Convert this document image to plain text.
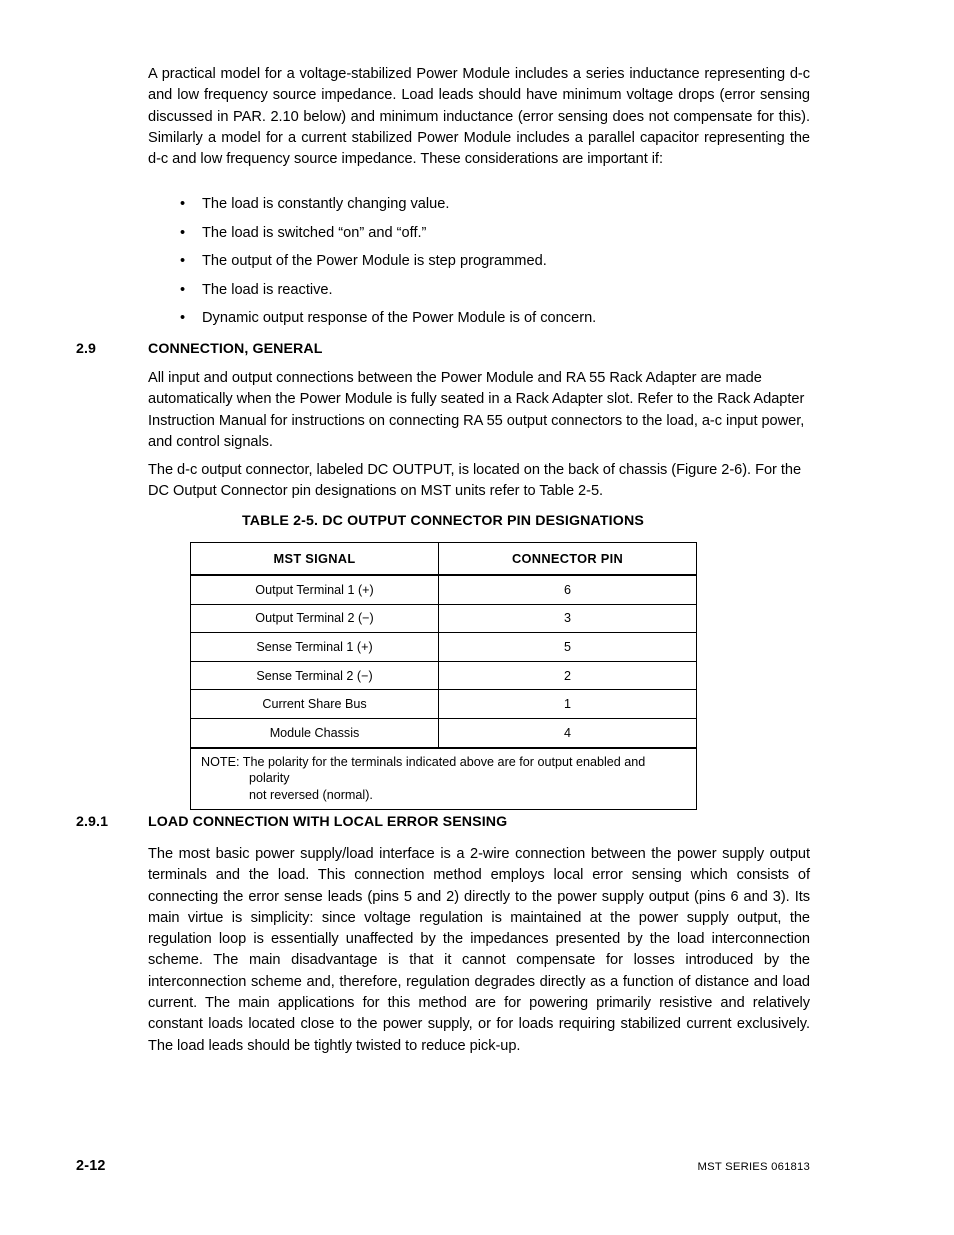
A practical model for a voltage-stabilized Power Module includes a series inductance representing d-c and low frequency source impedance. Load leads should have minimum voltage drops (error sensing discussed in PAR. 2.10 below) and minimum inductance (error sensing does not compensate for this). Similarly a model for a current stabilized Power Module includes a parallel capacitor representing the d-c and low frequency source impedance. These considerations are important if:

• The load is constantly changing value.
• The load is switched “on” and “off.”
• The output of the Power Module is step programmed.
• The load is reactive.
• Dynamic output response of the Power Module is of concern.
2.9	CONNECTION, GENERAL

All input and output connections between the Power Module and RA 55 Rack Adapter are made automatically when the Power Module is fully seated in a Rack Adapter slot. Refer to the Rack Adapter Instruction Manual for instructions on connecting RA 55 output connectors to the load, a-c input power, and control signals.

The d-c output connector, labeled DC OUTPUT, is located on the back of chassis (Figure 2-6). For the DC Output Connector pin designations on MST units refer to Table 2-5.

TABLE 2-5. DC OUTPUT CONNECTOR PIN DESIGNATIONS
MST SIGNAL	CONNECTOR PIN
Output Terminal 1 (+)	6
Output Terminal 2 (−)	3
Sense Terminal 1 (+)	5
Sense Terminal 2 (−)	2
Current Share Bus	1
Module Chassis	4

NOTE: The polarity for the terminals indicated above are for output enabled and polarity
not reversed (normal).	
2.9.1	LOAD CONNECTION WITH LOCAL ERROR SENSING

The most basic power supply/load interface is a 2-wire connection between the power supply output terminals and the load. This connection method employs local error sensing which consists of connecting the error sense leads (pins 5 and 2) directly to the power supply output (pins 6 and 3). Its main virtue is simplicity: since voltage regulation is maintained at the power supply output, the regulation loop is essentially unaffected by the impedances presented by the load interconnection scheme. The main disadvantage is that it cannot compensate for losses introduced by the interconnection scheme and, therefore, regulation degrades directly as a function of distance and load current. The main applications for this method are for powering primarily resistive and relatively constant loads located close to the power supply, or for loads requiring stabilized current exclusively. The load leads should be tightly twisted to reduce pick-up.

2-12	MST SERIES 061813
